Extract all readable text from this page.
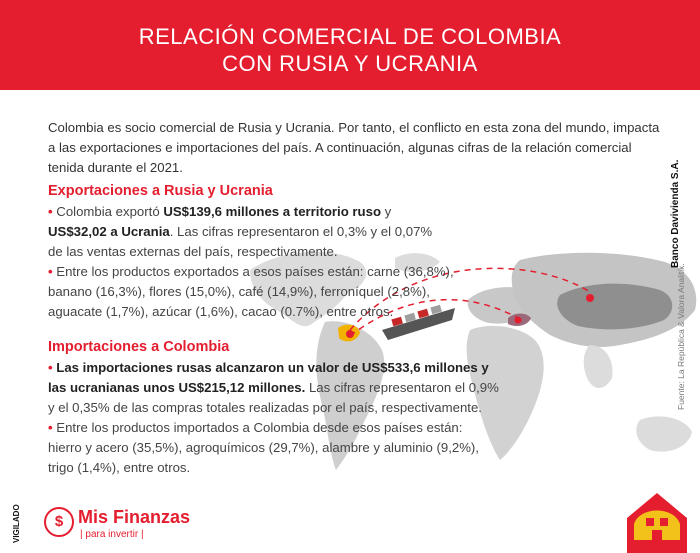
RELACIÓN COMERCIAL DE COLOMBIA
CON RUSIA Y UCRANIA
Colombia es socio comercial de Rusia y Ucrania. Por tanto, el conflicto en esta zona del mundo, impacta a las exportaciones e importaciones del país. A continuación, algunas cifras de la relación comercial tenida durante el 2021.
Exportaciones a Rusia y Ucrania
• Colombia exportó US$139,6 millones a territorio ruso y
US$32,02 a Ucrania. Las cifras representaron el 0,3% y el 0,07%
de las ventas externas del país, respectivamente.
• Entre los productos exportados a esos países están: carne (36,8%),
banano (16,3%), flores (15,0%), café (14,9%), ferroníquel (2,8%),
aguacate (1,7%), azúcar (1,6%), cacao (0.7%), entre otros.
Importaciones a Colombia
• Las importaciones rusas alcanzaron un valor de US$533,6 millones y
las ucranianas unos US$215,12 millones. Las cifras representaron el 0,9%
y el 0,35% de las compras totales realizadas por el país, respectivamente.
• Entre los productos importados a Colombia desde esos países están:
hierro y acero (35,5%), agroquímicos (29,7%), alambre y aluminio (9,2%),
trigo (1,4%), entre otros.
Banco Davivienda S.A.
Fuente: La República & Valora Analitik.
VIGILADO	$ Mis Finanzas
| para invertir |
